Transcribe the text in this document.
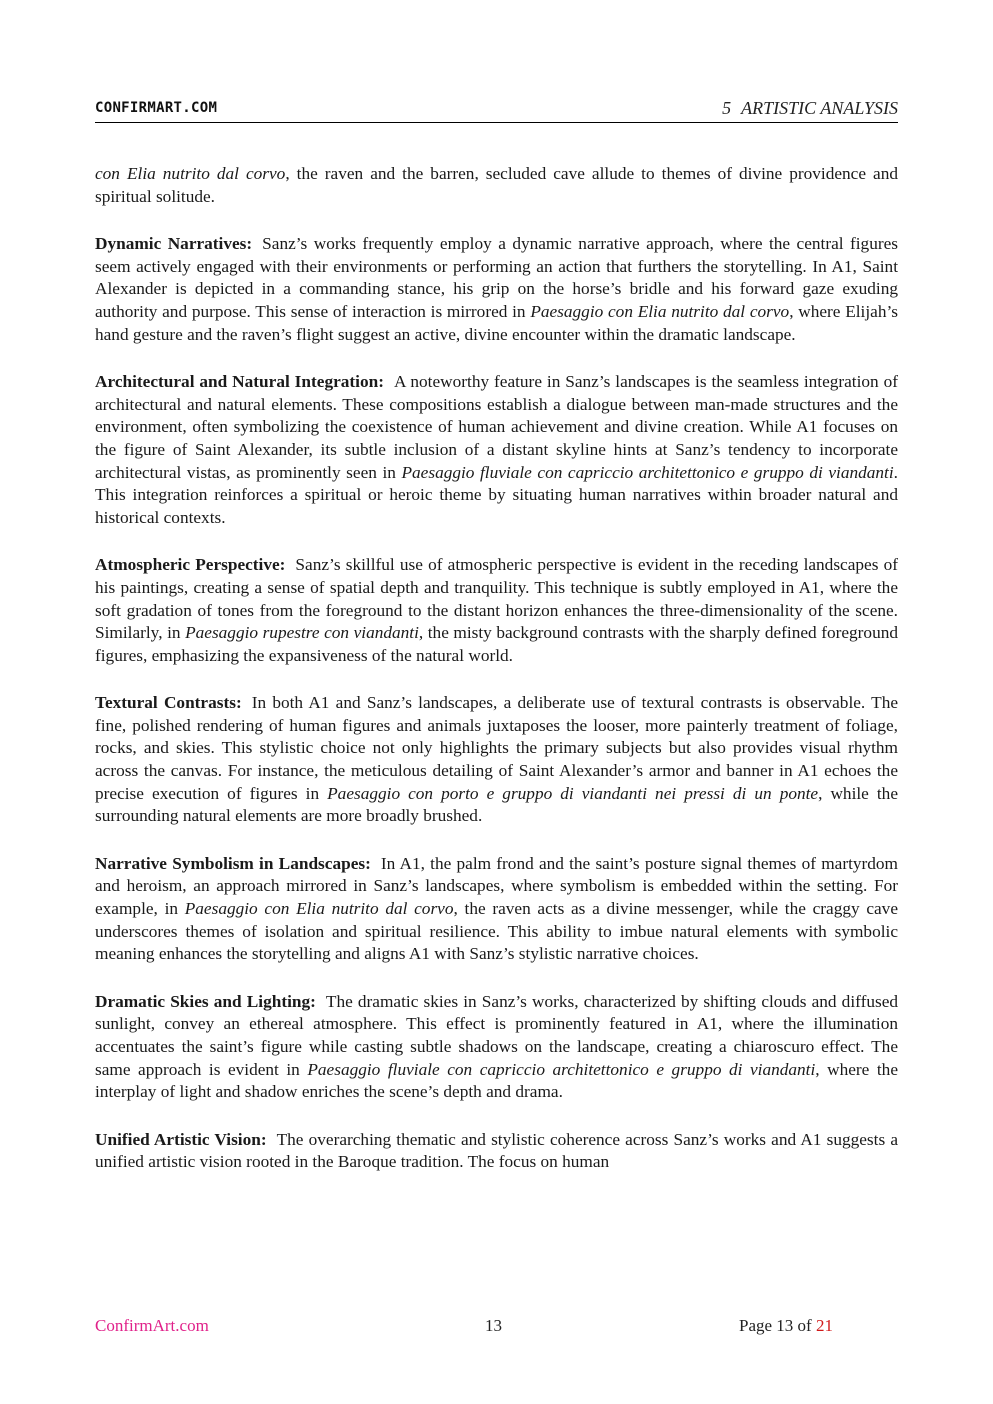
CONFIRMART.COM	5 ARTISTIC ANALYSIS

con Elia nutrito dal corvo, the raven and the barren, secluded cave allude to themes of divine providence and spiritual solitude.

Dynamic Narratives: Sanz’s works frequently employ a dynamic narrative approach, where the central figures seem actively engaged with their environments or performing an action that furthers the storytelling. In A1, Saint Alexander is depicted in a commanding stance, his grip on the horse’s bridle and his forward gaze exuding authority and purpose. This sense of interaction is mirrored in Paesaggio con Elia nutrito dal corvo, where Elijah’s hand gesture and the raven’s flight suggest an active, divine encounter within the dramatic landscape.

Architectural and Natural Integration: A noteworthy feature in Sanz’s landscapes is the seamless integration of architectural and natural elements. These compositions establish a dialogue between man-made structures and the environment, often symbolizing the coexistence of human achievement and divine creation. While A1 focuses on the figure of Saint Alexander, its subtle inclusion of a distant skyline hints at Sanz’s tendency to incorporate architectural vistas, as prominently seen in Paesaggio fluviale con capriccio architettonico e gruppo di viandanti. This integration reinforces a spiritual or heroic theme by situating human narratives within broader natural and historical contexts.

Atmospheric Perspective: Sanz’s skillful use of atmospheric perspective is evident in the receding landscapes of his paintings, creating a sense of spatial depth and tranquility. This technique is subtly employed in A1, where the soft gradation of tones from the foreground to the distant horizon enhances the three-dimensionality of the scene. Similarly, in Paesaggio rupestre con viandanti, the misty background contrasts with the sharply defined foreground figures, emphasizing the expansiveness of the natural world.

Textural Contrasts: In both A1 and Sanz’s landscapes, a deliberate use of textural contrasts is observable. The fine, polished rendering of human figures and animals juxtaposes the looser, more painterly treatment of foliage, rocks, and skies. This stylistic choice not only highlights the primary subjects but also provides visual rhythm across the canvas. For instance, the meticulous detailing of Saint Alexander’s armor and banner in A1 echoes the precise execution of figures in Paesaggio con porto e gruppo di viandanti nei pressi di un ponte, while the surrounding natural elements are more broadly brushed.

Narrative Symbolism in Landscapes: In A1, the palm frond and the saint’s posture signal themes of martyrdom and heroism, an approach mirrored in Sanz’s landscapes, where symbolism is embedded within the setting. For example, in Paesaggio con Elia nutrito dal corvo, the raven acts as a divine messenger, while the craggy cave underscores themes of isolation and spiritual resilience. This ability to imbue natural elements with symbolic meaning enhances the storytelling and aligns A1 with Sanz’s stylistic narrative choices.

Dramatic Skies and Lighting: The dramatic skies in Sanz’s works, characterized by shifting clouds and diffused sunlight, convey an ethereal atmosphere. This effect is prominently featured in A1, where the illumination accentuates the saint’s figure while casting subtle shadows on the landscape, creating a chiaroscuro effect. The same approach is evident in Paesaggio fluviale con capriccio architettonico e gruppo di viandanti, where the interplay of light and shadow enriches the scene’s depth and drama.

Unified Artistic Vision: The overarching thematic and stylistic coherence across Sanz’s works and A1 suggests a unified artistic vision rooted in the Baroque tradition. The focus on human

ConfirmArt.com	13	Page 13 of 21
